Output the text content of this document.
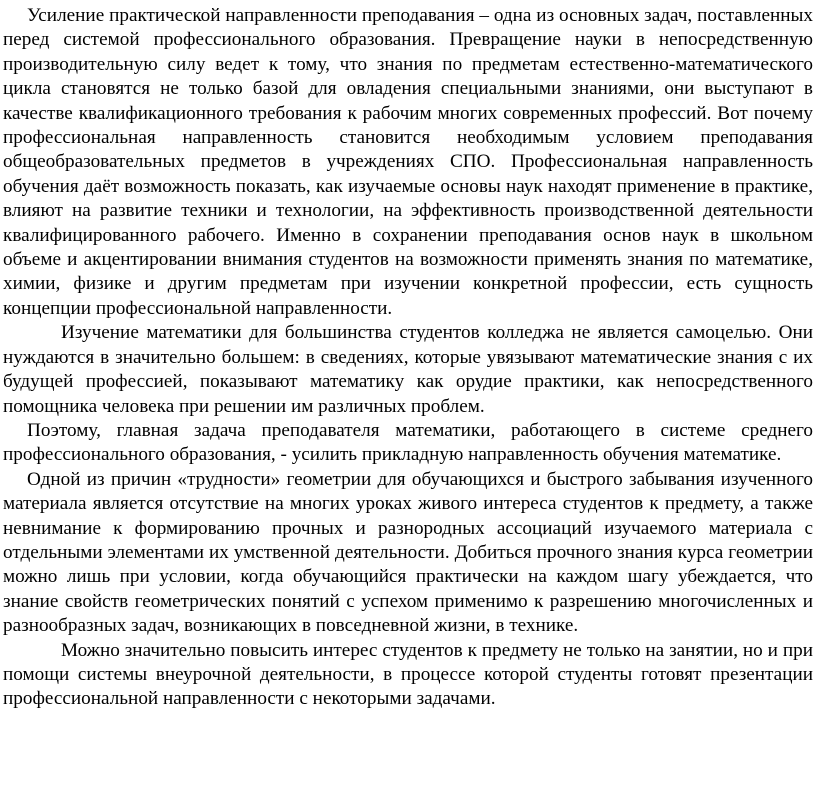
Усиление практической направленности преподавания – одна из основных задач, поставленных перед системой профессионального образования. Превращение науки в непосредственную производительную силу ведет к тому, что знания по предметам естественно-математического цикла становятся не только базой для овладения специальными знаниями, они выступают в качестве квалификационного требования к рабочим многих современных профессий. Вот почему профессиональная направленность становится необходимым условием преподавания общеобразовательных предметов в учреждениях СПО. Профессиональная направленность обучения даёт возможность показать, как изучаемые основы наук находят применение в практике, влияют на развитие техники и технологии, на эффективность производственной деятельности квалифицированного рабочего. Именно в сохранении преподавания основ наук в школьном объеме и акцентировании внимания студентов на возможности применять знания по математике, химии, физике и другим предметам при изучении конкретной профессии, есть сущность концепции профессиональной направленности.

Изучение математики для большинства студентов колледжа не является самоцелью. Они нуждаются в значительно большем: в сведениях, которые увязывают математические знания с их будущей профессией, показывают математику как орудие практики, как непосредственного помощника человека при решении им различных проблем.

Поэтому, главная задача преподавателя математики, работающего в системе среднего профессионального образования, - усилить прикладную направленность обучения математике.

Одной из причин «трудности» геометрии для обучающихся и быстрого забывания изученного материала является отсутствие на многих уроках живого интереса студентов к предмету, а также невнимание к формированию прочных и разнородных ассоциаций изучаемого материала с отдельными элементами их умственной деятельности. Добиться прочного знания курса геометрии можно лишь при условии, когда обучающийся практически на каждом шагу убеждается, что знание свойств геометрических понятий с успехом применимо к разрешению многочисленных и разнообразных задач, возникающих в повседневной жизни, в технике.

Можно значительно повысить интерес студентов к предмету не только на занятии, но и при помощи системы внеурочной деятельности, в процессе которой студенты готовят презентации профессиональной направленности с некоторыми задачами.
